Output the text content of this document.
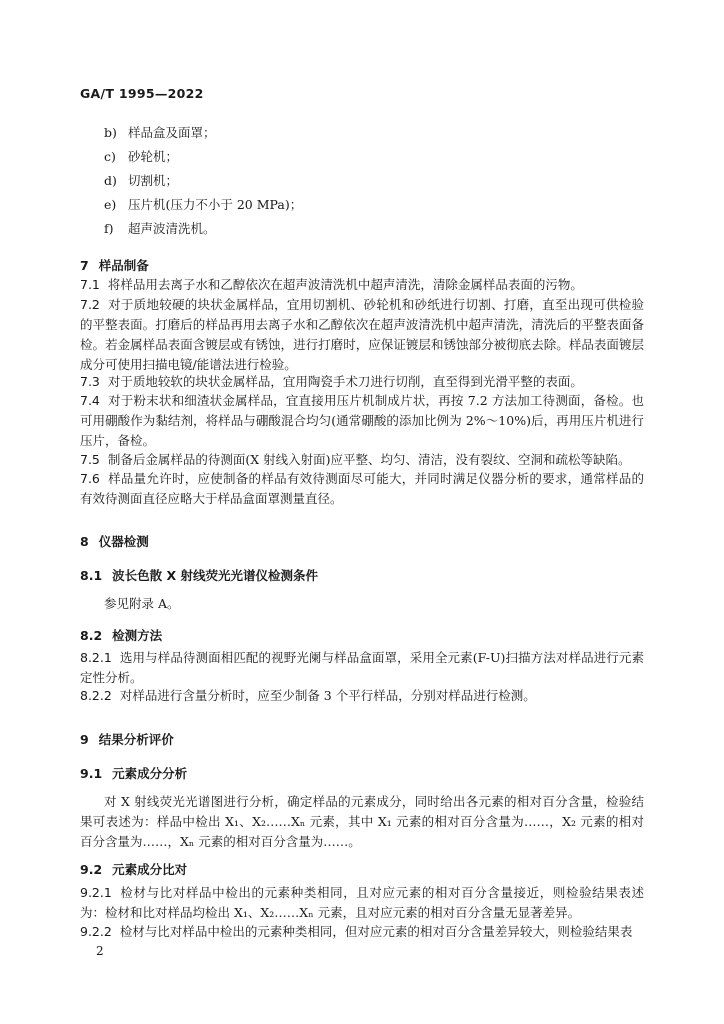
GA/T 1995—2022
b) 样品盒及面罩；
c) 砂轮机；
d) 切割机；
e) 压片机(压力不小于 20 MPa)；
f) 超声波清洗机。
7 样品制备
7.1 将样品用去离子水和乙醇依次在超声波清洗机中超声清洗，清除金属样品表面的污物。
7.2 对于质地较硬的块状金属样品，宜用切割机、砂轮机和砂纸进行切割、打磨，直至出现可供检验的平整表面。打磨后的样品再用去离子水和乙醇依次在超声波清洗机中超声清洗，清洗后的平整表面备检。若金属样品表面含镀层或有锈蚀，进行打磨时，应保证镀层和锈蚀部分被彻底去除。样品表面镀层成分可使用扫描电镜/能谱法进行检验。
7.3 对于质地较软的块状金属样品，宜用陶瓷手术刀进行切削，直至得到光滑平整的表面。
7.4 对于粉末状和细渣状金属样品，宜直接用压片机制成片状，再按 7.2 方法加工待测面，备检。也可用硼酸作为黏结剂，将样品与硼酸混合均匀(通常硼酸的添加比例为 2%～10%)后，再用压片机进行压片，备检。
7.5 制备后金属样品的待测面(X 射线入射面)应平整、均匀、清洁，没有裂纹、空洞和疏松等缺陷。
7.6 样品量允许时，应使制备的样品有效待测面尽可能大，并同时满足仪器分析的要求，通常样品的有效待测面直径应略大于样品盒面罩测量直径。
8 仪器检测
8.1 波长色散 X 射线荧光光谱仪检测条件
参见附录 A。
8.2 检测方法
8.2.1 选用与样品待测面相匹配的视野光阑与样品盒面罩，采用全元素(F-U)扫描方法对样品进行元素定性分析。
8.2.2 对样品进行含量分析时，应至少制备 3 个平行样品，分别对样品进行检测。
9 结果分析评价
9.1 元素成分分析
对 X 射线荧光光谱图进行分析，确定样品的元素成分，同时给出各元素的相对百分含量，检验结果可表述为：样品中检出 X₁、X₂……Xₙ 元素，其中 X₁ 元素的相对百分含量为……，X₂ 元素的相对百分含量为……，Xₙ 元素的相对百分含量为……。
9.2 元素成分比对
9.2.1 检材与比对样品中检出的元素种类相同，且对应元素的相对百分含量接近，则检验结果表述为：检材和比对样品均检出 X₁、X₂……Xₙ 元素，且对应元素的相对百分含量无显著差异。
9.2.2 检材与比对样品中检出的元素种类相同，但对应元素的相对百分含量差异较大，则检验结果表
2
